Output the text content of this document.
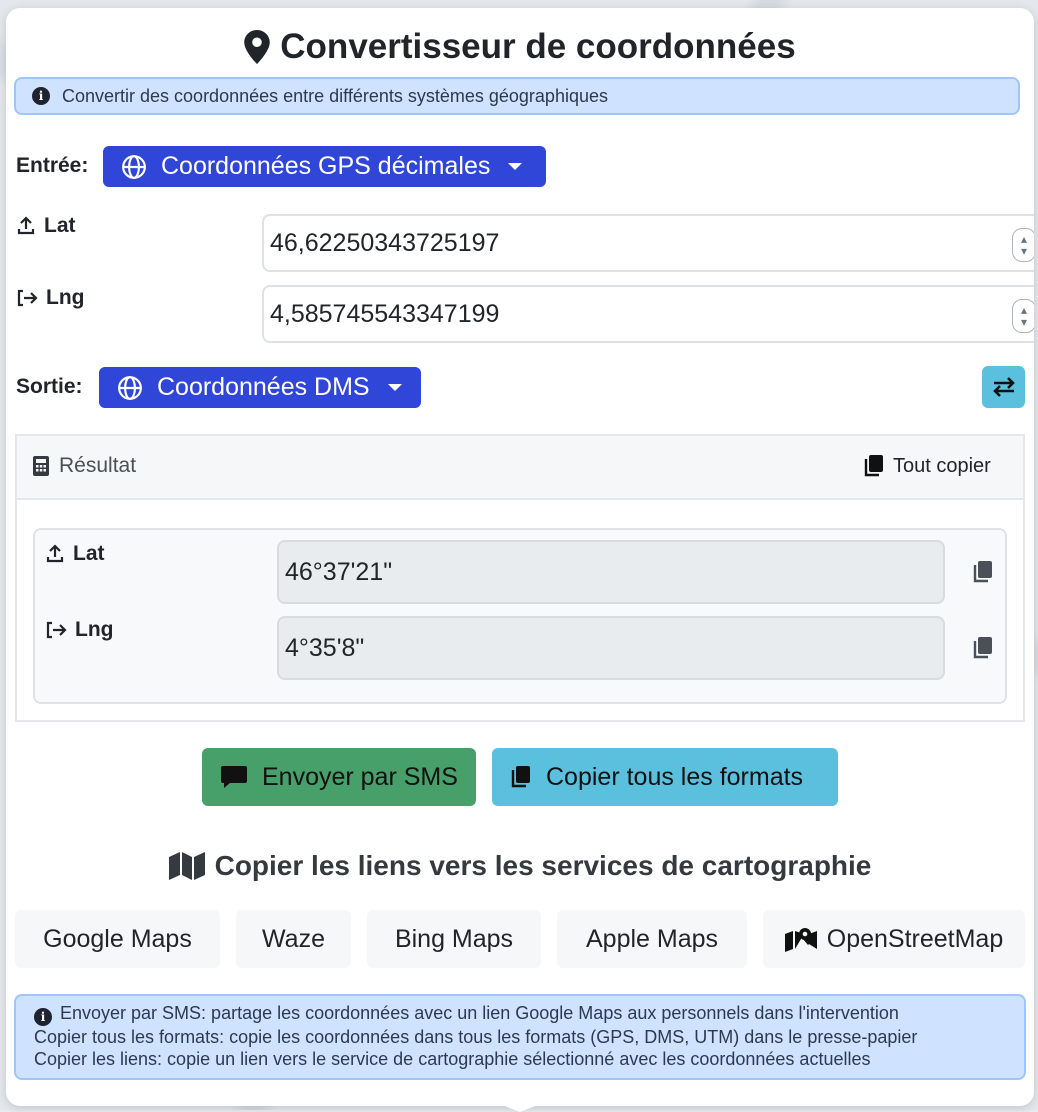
Convertisseur de coordonnées
i	Convertir des coordonnées entre différents systèmes géographiques
Entrée:	Coordonnées GPS décimales
Lat
46,62250343725197	▴
▾
Lng
4,585745543347199	▴
▾
Sortie:	Coordonnées DMS
Résultat	Tout copier
Lat
46°37'21"
Lng
4°35'8"
Envoyer par SMS	Copier tous les formats
Copier les liens vers les services de cartographie
Google Maps	Waze	Bing Maps	Apple Maps	OpenStreetMap
i Envoyer par SMS: partage les coordonnées avec un lien Google Maps aux personnels dans l'intervention
Copier tous les formats: copie les coordonnées dans tous les formats (GPS, DMS, UTM) dans le presse-papier
Copier les liens: copie un lien vers le service de cartographie sélectionné avec les coordonnées actuelles
